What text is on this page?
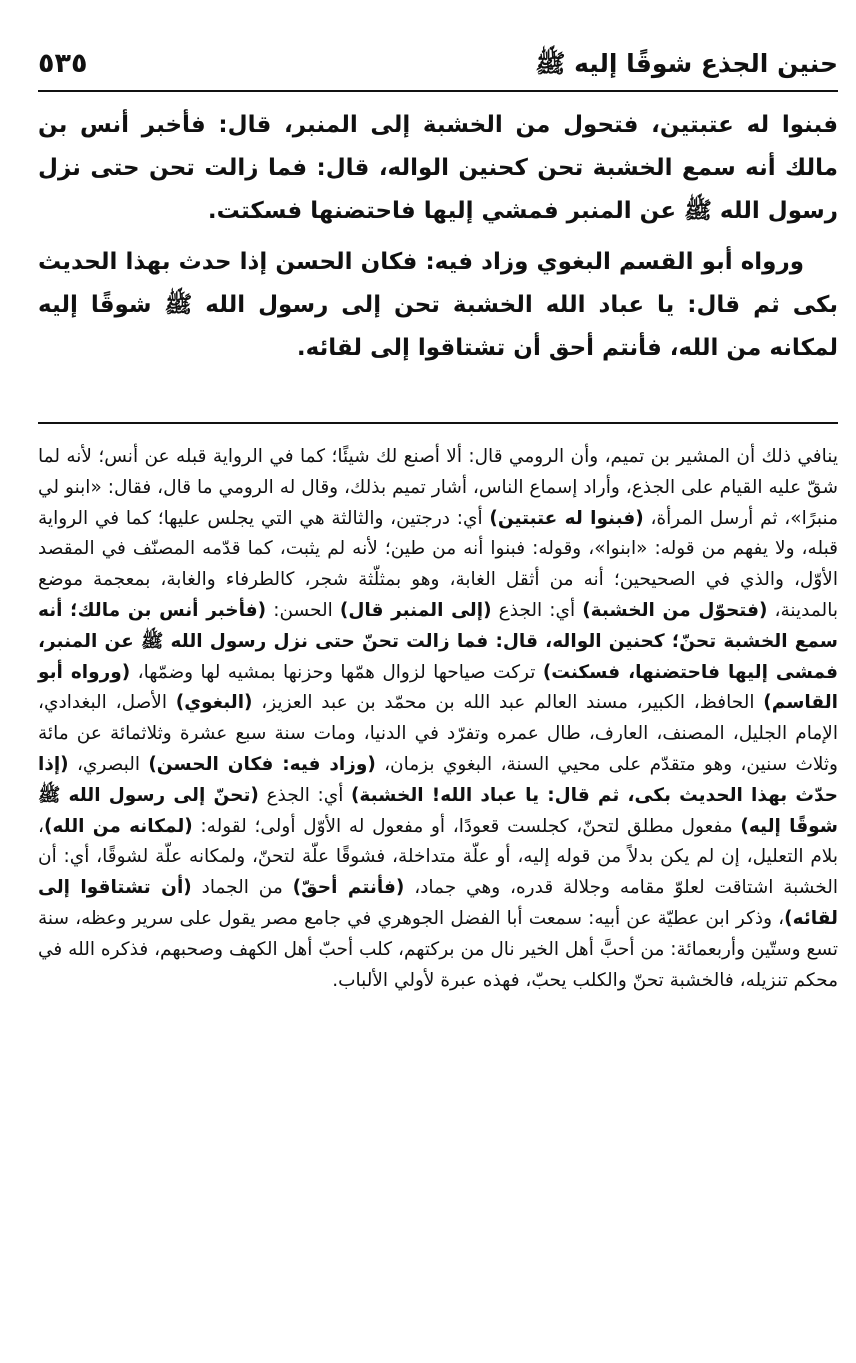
حنين الجذع شوقًا إليه ﷺ
٥٣٥

فبنوا له عتبتين، فتحول من الخشبة إلى المنبر، قال: فأخبر أنس بن مالك أنه سمع الخشبة تحن كحنين الواله، قال: فما زالت تحن حتى نزل رسول الله ﷺ عن المنبر فمشي إليها فاحتضنها فسكتت.

ورواه أبو القسم البغوي وزاد فيه: فكان الحسن إذا حدث بهذا الحديث بكى ثم قال: يا عباد الله الخشبة تحن إلى رسول الله ﷺ شوقًا إليه لمكانه من الله، فأنتم أحق أن تشتاقوا إلى لقائه.

ينافي ذلك أن المشير بن تميم، وأن الرومي قال: ألا أصنع لك شيئًا؛ كما في الرواية قبله عن أنس؛ لأنه لما شقّ عليه القيام على الجذع، وأراد إسماع الناس، أشار تميم بذلك، وقال له الرومي ما قال، فقال: «ابنو لي منبرًا»، ثم أرسل المرأة، (فبنوا له عتبتين) أي: درجتين، والثالثة هي التي يجلس عليها؛ كما في الرواية قبله، ولا يفهم من قوله: «ابنوا»، وقوله: فبنوا أنه من طين؛ لأنه لم يثبت، كما قدّمه المصنّف في المقصد الأوّل، والذي في الصحيحين؛ أنه من أثقل الغابة، وهو بمثلّثة شجر، كالطرفاء والغابة، بمعجمة موضع بالمدينة، (فتحوّل من الخشبة) أي: الجذع (إلى المنبر قال) الحسن: (فأخبر أنس بن مالك؛ أنه سمع الخشبة تحنّ؛ كحنين الواله، قال: فما زالت تحنّ حتى نزل رسول الله ﷺ عن المنبر، فمشى إليها فاحتضنها، فسكنت) تركت صياحها لزوال همّها وحزنها بمشيه لها وضمّها، (ورواه أبو القاسم) الحافظ، الكبير، مسند العالم عبد الله بن محمّد بن عبد العزيز، (البغوي) الأصل، البغدادي، الإمام الجليل، المصنف، العارف، طال عمره وتفرّد في الدنيا، ومات سنة سبع عشرة وثلاثمائة عن مائة وثلاث سنين، وهو متقدّم على محيي السنة، البغوي بزمان، (وزاد فيه: فكان الحسن) البصري، (إذا حدّث بهذا الحديث بكى، ثم قال: يا عباد الله! الخشبة) أي: الجذع (تحنّ إلى رسول الله ﷺ شوقًا إليه) مفعول مطلق لتحنّ، كجلست قعودًا، أو مفعول له الأوّل أولى؛ لقوله: (لمكانه من الله)، بلام التعليل، إن لم يكن بدلاً من قوله إليه، أو علّة متداخلة، فشوقًا علّة لتحنّ، ولمكانه علّة لشوقًا، أي: أن الخشبة اشتاقت لعلوّ مقامه وجلالة قدره، وهي جماد، (فأنتم أحقّ) من الجماد (أن تشتاقوا إلى لقائه)، وذكر ابن عطيّة عن أبيه: سمعت أبا الفضل الجوهري في جامع مصر يقول على سرير وعظه، سنة تسع وستّين وأربعمائة: من أحبَّ أهل الخير نال من بركتهم، كلب أحبّ أهل الكهف وصحبهم، فذكره الله في محكم تنزيله، فالخشبة تحنّ والكلب يحبّ، فهذه عبرة لأولي الألباب.
